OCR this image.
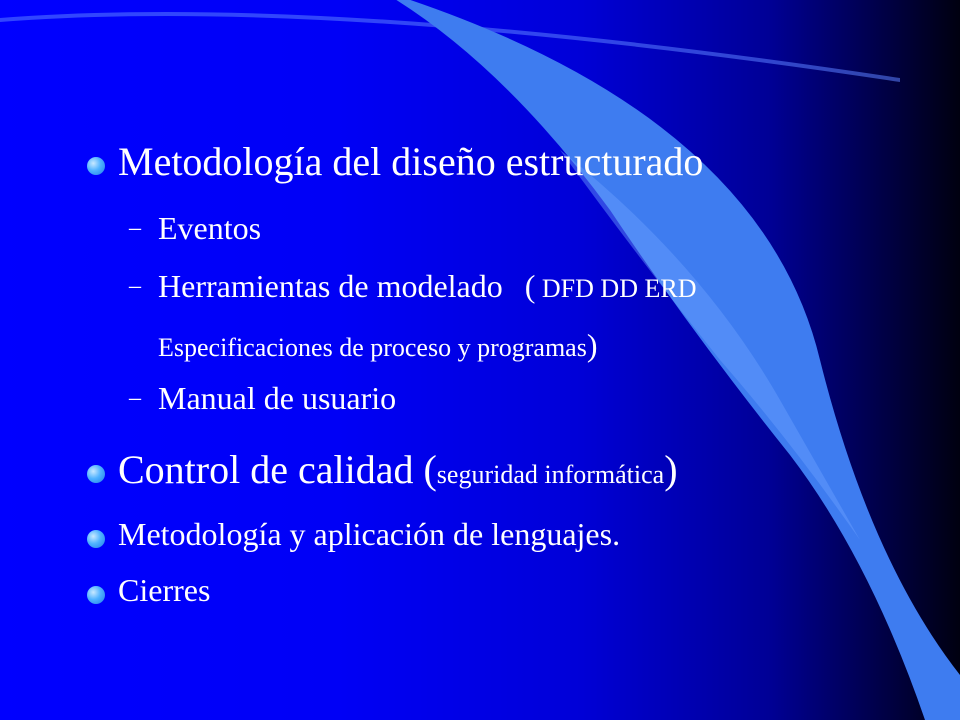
Metodología del diseño estructurado
– Eventos
– Herramientas de modelado ( DFD DD ERD
Especificaciones de proceso y programas)
– Manual de usuario
Control de calidad (seguridad informática)
Metodología y aplicación de lenguajes.
Cierres
